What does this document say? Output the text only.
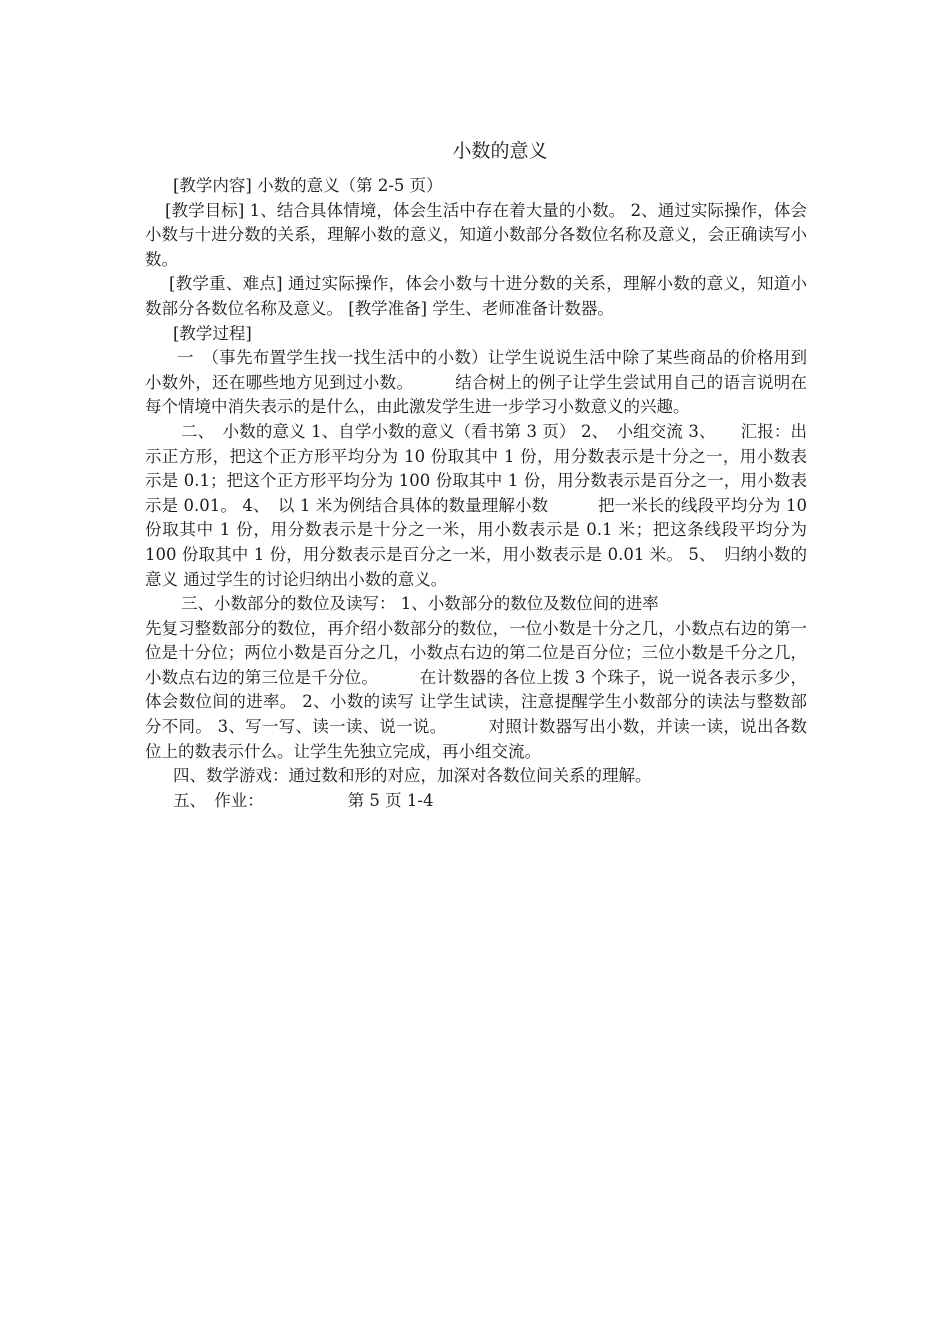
小数的意义

[教学内容] 小数的意义（第 2-5 页）

[教学目标] 1、结合具体情境，体会生活中存在着大量的小数。 2、通过实际操作，体会小数与十进分数的关系，理解小数的意义，知道小数部分各数位名称及意义，会正确读写小数。

[教学重、难点] 通过实际操作，体会小数与十进分数的关系，理解小数的意义，知道小数部分各数位名称及意义。 [教学准备] 学生、老师准备计数器。

[教学过程]

一　（事先布置学生找一找生活中的小数）让学生说说生活中除了某些商品的价格用到小数外，还在哪些地方见到过小数。　　　结合树上的例子让学生尝试用自己的语言说明在每个情境中消失表示的是什么，由此激发学生进一步学习小数意义的兴趣。

二、　小数的意义 1、自学小数的意义（看书第 3 页） 2、　小组交流 3、　　汇报：出示正方形，把这个正方形平均分为 10 份取其中 1 份，用分数表示是十分之一，用小数表示是 0.1；把这个正方形平均分为 100 份取其中 1 份，用分数表示是百分之一，用小数表示是 0.01。 4、　以 1 米为例结合具体的数量理解小数　　　把一米长的线段平均分为 10 份取其中 1 份，用分数表示是十分之一米，用小数表示是 0.1 米；把这条线段平均分为 100 份取其中 1 份，用分数表示是百分之一米，用小数表示是 0.01 米。 5、　归纳小数的意义 通过学生的讨论归纳出小数的意义。

三、小数部分的数位及读写： 1、小数部分的数位及数位间的进率

先复习整数部分的数位，再介绍小数部分的数位，一位小数是十分之几，小数点右边的第一位是十分位；两位小数是百分之几，小数点右边的第二位是百分位；三位小数是千分之几，小数点右边的第三位是千分位。　　　在计数器的各位上拨 3 个珠子，说一说各表示多少，体会数位间的进率。 2、小数的读写 让学生试读，注意提醒学生小数部分的读法与整数部分不同。 3、写一写、读一读、说一说。　　　对照计数器写出小数，并读一读，说出各数位上的数表示什么。让学生先独立完成，再小组交流。

四、数学游戏：通过数和形的对应，加深对各数位间关系的理解。

五、　作业：	第 5 页 1-4
